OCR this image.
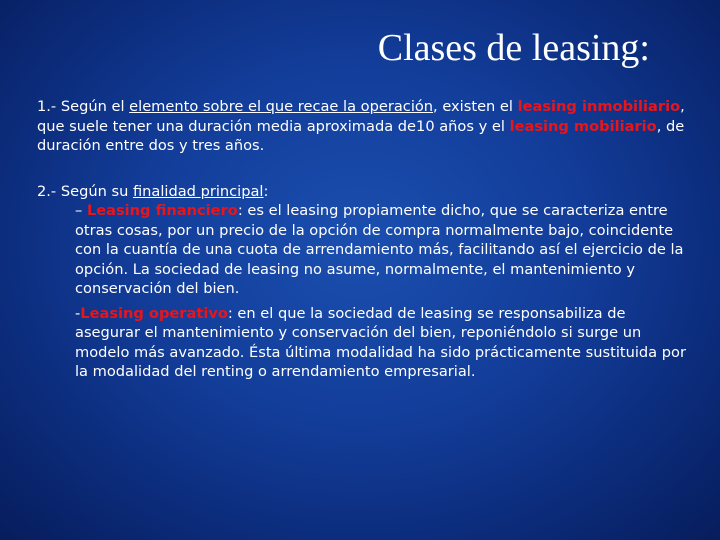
Clases de leasing:

1.- Según el elemento sobre el que recae la operación, existen el leasing inmobiliario, que suele tener una duración media aproximada de10 años y el leasing mobiliario, de duración entre dos y tres años.

2.- Según su finalidad principal:

– Leasing financiero: es el leasing propiamente dicho, que se caracteriza entre otras cosas, por un precio de la opción de compra normalmente bajo, coincidente con la cuantía de una cuota de arrendamiento más, facilitando así el ejercicio de la opción. La sociedad de leasing no asume, normalmente, el mantenimiento y conservación del bien.

-Leasing operativo: en el que la sociedad de leasing se responsabiliza de asegurar el mantenimiento y conservación del bien, reponiéndolo si surge un modelo más avanzado. Ésta última modalidad ha sido prácticamente sustituida por la modalidad del renting o arrendamiento empresarial.
